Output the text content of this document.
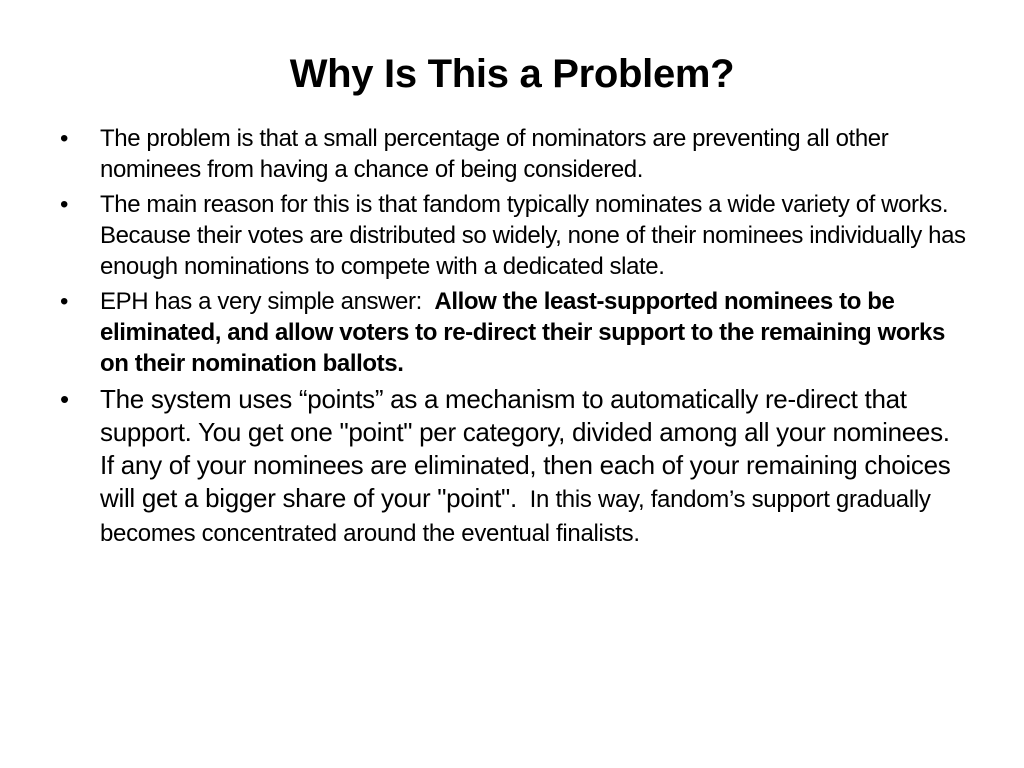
Why Is This a Problem?
•	The problem is that a small percentage of nominators are preventing all other nominees from having a chance of being considered.
•	The main reason for this is that fandom typically nominates a wide variety of works. Because their votes are distributed so widely, none of their nominees individually has enough nominations to compete with a dedicated slate.
•	EPH has a very simple answer:  Allow the least-supported nominees to be eliminated, and allow voters to re-direct their support to the remaining works on their nomination ballots.
•	The system uses “points” as a mechanism to automatically re-direct that support. You get one "point" per category, divided among all your nominees. If any of your nominees are eliminated, then each of your remaining choices will get a bigger share of your "point".  In this way, fandom’s support gradually becomes concentrated around the eventual finalists.
